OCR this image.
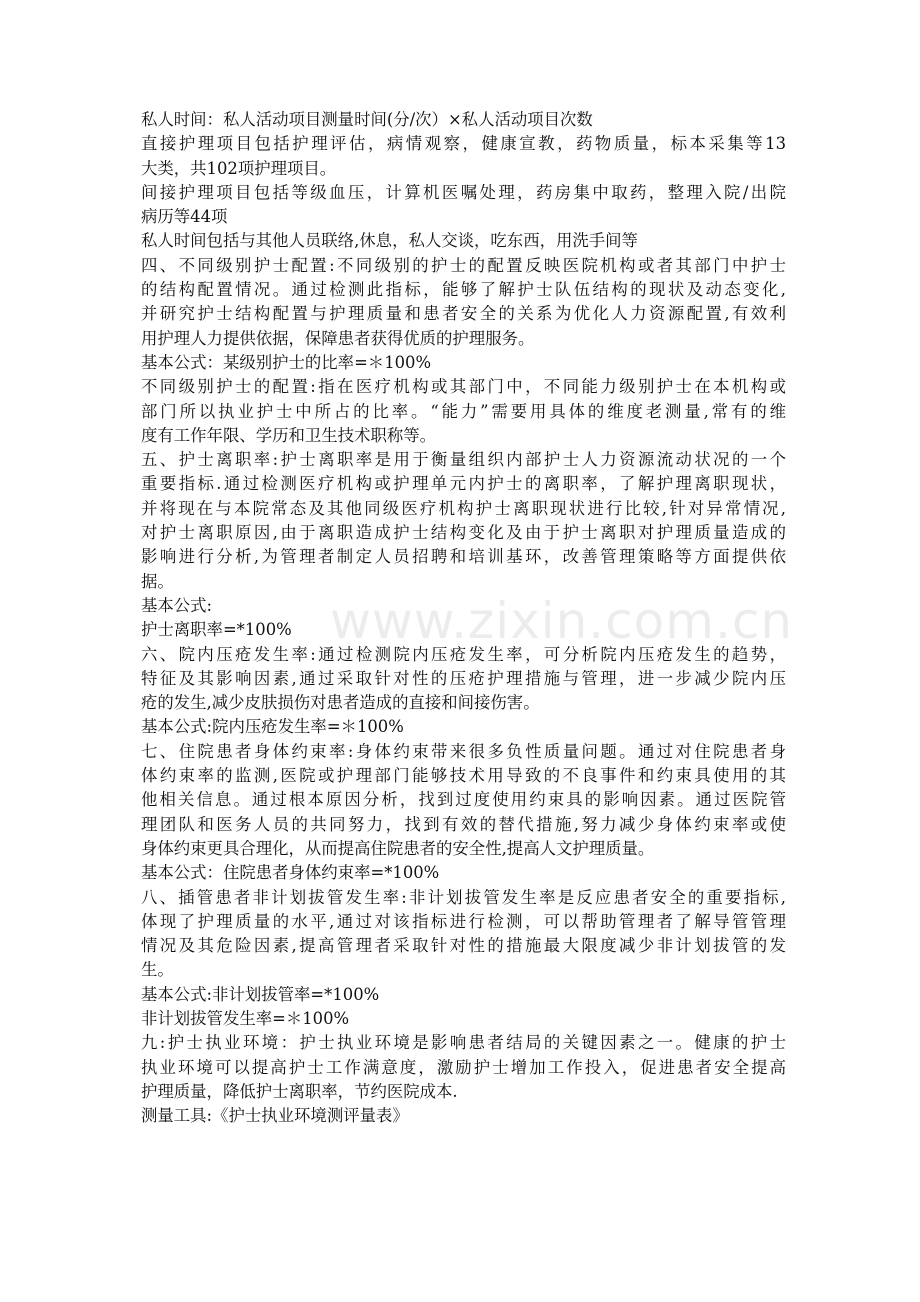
私人时间：私人活动项目测量时间(分/次）×私人活动项目次数
直接护理项目包括护理评估，病情观察，健康宣教，药物质量，标本采集等13
大类，共102项护理项目。
间接护理项目包括等级血压，计算机医嘱处理，药房集中取药，整理入院/出院
病历等44项
私人时间包括与其他人员联络,休息，私人交谈，吃东西，用洗手间等
四、不同级别护士配置:不同级别的护士的配置反映医院机构或者其部门中护士
的结构配置情况。通过检测此指标，能够了解护士队伍结构的现状及动态变化,
并研究护士结构配置与护理质量和患者安全的关系为优化人力资源配置,有效利
用护理人力提供依据，保障患者获得优质的护理服务。
基本公式：某级别护士的比率=＊100%
不同级别护士的配置:指在医疗机构或其部门中，不同能力级别护士在本机构或
部门所以执业护士中所占的比率。“能力”需要用具体的维度老测量,常有的维
度有工作年限、学历和卫生技术职称等。
五、护士离职率:护士离职率是用于衡量组织内部护士人力资源流动状况的一个
重要指标.通过检测医疗机构或护理单元内护士的离职率，了解护理离职现状，
并将现在与本院常态及其他同级医疗机构护士离职现状进行比较,针对异常情况,
对护士离职原因,由于离职造成护士结构变化及由于护士离职对护理质量造成的
影响进行分析,为管理者制定人员招聘和培训基环，改善管理策略等方面提供依
据。
基本公式:
护士离职率=*100%
六、院内压疮发生率:通过检测院内压疮发生率，可分析院内压疮发生的趋势，
特征及其影响因素,通过采取针对性的压疮护理措施与管理，进一步减少院内压
疮的发生,减少皮肤损伤对患者造成的直接和间接伤害。
基本公式:院内压疮发生率=＊100%
七、住院患者身体约束率:身体约束带来很多负性质量问题。通过对住院患者身
体约束率的监测,医院或护理部门能够技术用导致的不良事件和约束具使用的其
他相关信息。通过根本原因分析，找到过度使用约束具的影响因素。通过医院管
理团队和医务人员的共同努力，找到有效的替代措施,努力减少身体约束率或使
身体约束更具合理化，从而提高住院患者的安全性,提高人文护理质量。
基本公式：住院患者身体约束率=*100%
八、插管患者非计划拔管发生率:非计划拔管发生率是反应患者安全的重要指标,
体现了护理质量的水平,通过对该指标进行检测，可以帮助管理者了解导管管理
情况及其危险因素,提高管理者采取针对性的措施最大限度减少非计划拔管的发
生。
基本公式:非计划拔管率=*100%
非计划拔管发生率=＊100%
九:护士执业环境：护士执业环境是影响患者结局的关键因素之一。健康的护士
执业环境可以提高护士工作满意度，激励护士增加工作投入，促进患者安全提高
护理质量，降低护士离职率，节约医院成本.
测量工具:《护士执业环境测评量表》
www.zixin.com.cn
